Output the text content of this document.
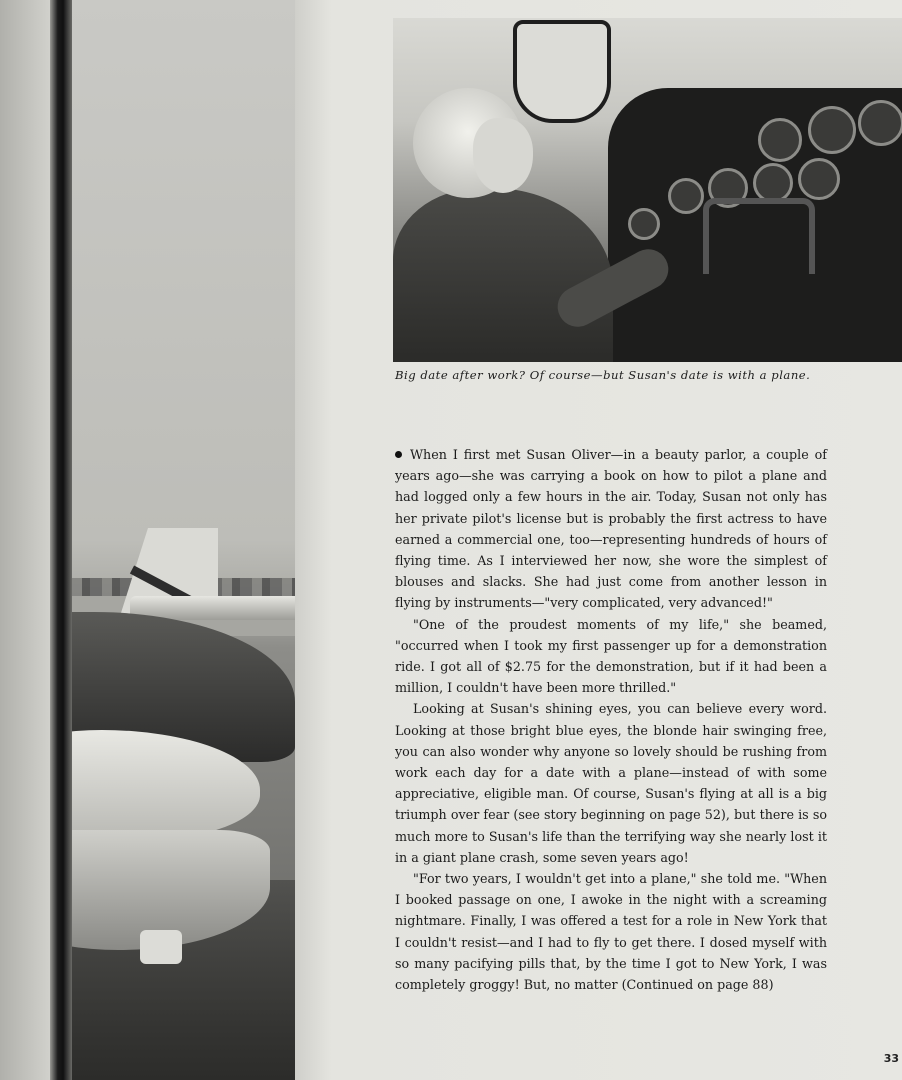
Big date after work? Of course—but Susan's date is with a plane.

When I first met Susan Oliver—in a beauty parlor, a couple of years ago—she was carrying a book on how to pilot a plane and had logged only a few hours in the air. Today, Susan not only has her private pilot's license but is probably the first actress to have earned a commercial one, too—representing hundreds of hours of flying time. As I interviewed her now, she wore the simplest of blouses and slacks. She had just come from another lesson in flying by instruments—"very complicated, very advanced!"

"One of the proudest moments of my life," she beamed, "occurred when I took my first passenger up for a demonstration ride. I got all of $2.75 for the demonstration, but if it had been a million, I couldn't have been more thrilled."

Looking at Susan's shining eyes, you can believe every word. Looking at those bright blue eyes, the blonde hair swinging free, you can also wonder why anyone so lovely should be rushing from work each day for a date with a plane—instead of with some appreciative, eligible man. Of course, Susan's flying at all is a big triumph over fear (see story beginning on page 52), but there is so much more to Susan's life than the terrifying way she nearly lost it in a giant plane crash, some seven years ago!

"For two years, I wouldn't get into a plane," she told me. "When I booked passage on one, I awoke in the night with a screaming nightmare. Finally, I was offered a test for a role in New York that I couldn't resist—and I had to fly to get there. I dosed myself with so many pacifying pills that, by the time I got to New York, I was completely groggy! But, no matter (Continued on page 88)

33
